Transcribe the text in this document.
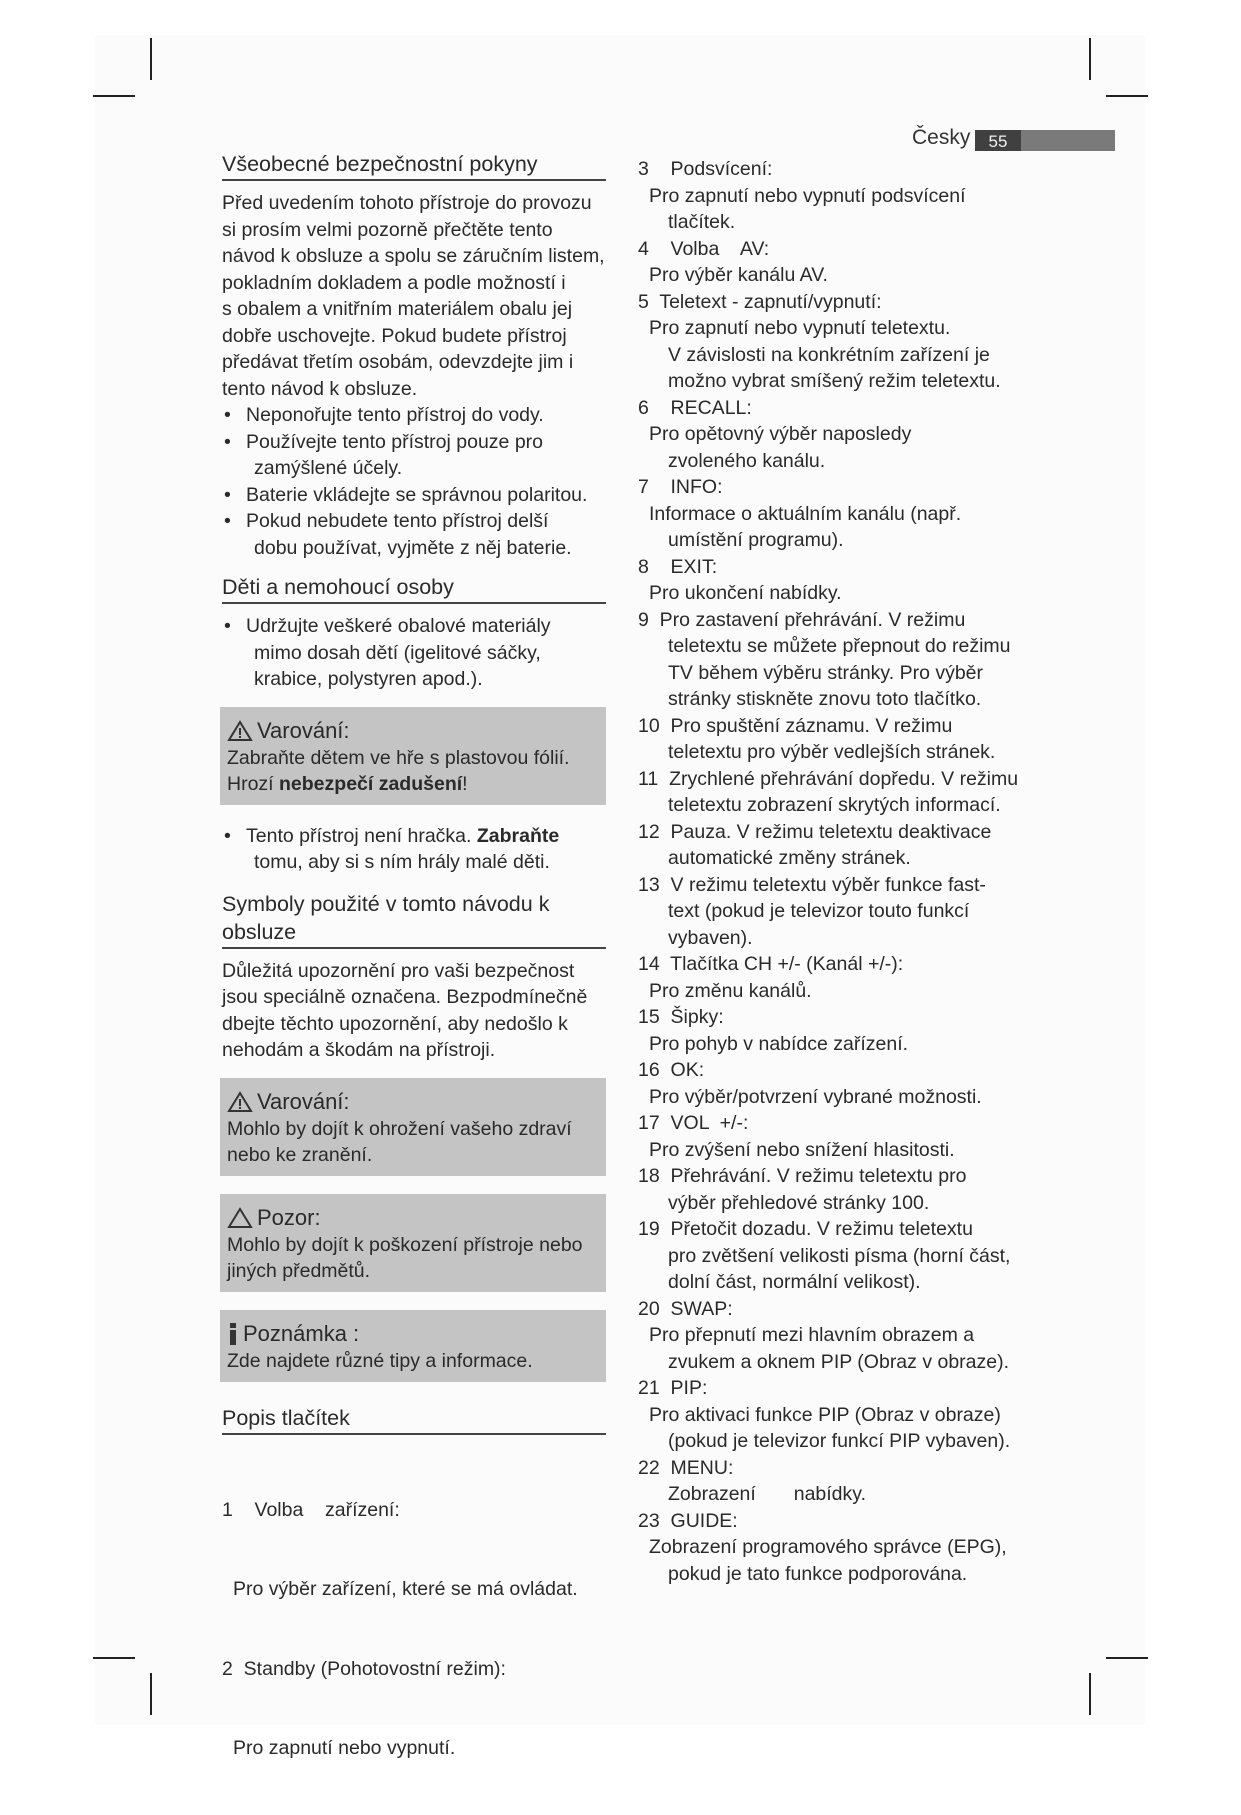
Česky	55
Všeobecné bezpečnostní pokyny

Před uvedením tohoto přístroje do provozu

si prosím velmi pozorně přečtěte tento

návod k obsluze a spolu se záručním listem,

pokladním dokladem a podle možností i

s obalem a vnitřním materiálem obalu jej

dobře uschovejte. Pokud budete přístroj

předávat třetím osobám, odevzdejte jim i

tento návod k obsluze.

• Neponořujte tento přístroj do vody.
• Používejte tento přístroj pouze pro
zamýšlené účely.
• Baterie vkládejte se správnou polaritou.
• Pokud nebudete tento přístroj delší
dobu používat, vyjměte z něj baterie.
Děti a nemohoucí osoby
• Udržujte veškeré obalové materiály
mimo dosah dětí (igelitové sáčky,
krabice, polystyren apod.).
Varování:
Zabraňte dětem ve hře s plastovou fólií.
Hrozí nebezpečí zadušení!
• Tento přístroj není hračka. Zabraňte
tomu, aby si s ním hrály malé děti.
Symboly použité v tomto návodu k
obsluze

Důležitá upozornění pro vaši bezpečnost

jsou speciálně označena. Bezpodmínečně

dbejte těchto upozornění, aby nedošlo k

nehodám a škodám na přístroji.

Varování:
Mohlo by dojít k ohrožení vašeho zdraví
nebo ke zranění.
Pozor:
Mohlo by dojít k poškození přístroje nebo
jiných předmětů.
Poznámka :
Zde najdete různé tipy a informace.
Popis tlačítek

1    Volba    zařízení:

Pro výběr zařízení, které se má ovládat.

2  Standby (Pohotovostní režim):

Pro zapnutí nebo vypnutí.

3    Podsvícení:
Pro zapnutí nebo vypnutí podsvícení
tlačítek.
4    Volba    AV:
Pro výběr kanálu AV.
5  Teletext - zapnutí/vypnutí:
Pro zapnutí nebo vypnutí teletextu.
V závislosti na konkrétním zařízení je
možno vybrat smíšený režim teletextu.
6    RECALL:
Pro opětovný výběr naposledy
zvoleného kanálu.
7    INFO:
Informace o aktuálním kanálu (např.
umístění programu).
8    EXIT:
Pro ukončení nabídky.
9  Pro zastavení přehrávání. V režimu
teletextu se můžete přepnout do režimu
TV během výběru stránky. Pro výběr
stránky stiskněte znovu toto tlačítko.
10  Pro spuštění záznamu. V režimu
teletextu pro výběr vedlejších stránek.
11  Zrychlené přehrávání dopředu. V režimu
teletextu zobrazení skrytých informací.
12  Pauza. V režimu teletextu deaktivace
automatické změny stránek.
13  V režimu teletextu výběr funkce fast-
text (pokud je televizor touto funkcí
vybaven).
14  Tlačítka CH +/- (Kanál +/-):
Pro změnu kanálů.
15  Šipky:
Pro pohyb v nabídce zařízení.
16  OK:
Pro výběr/potvrzení vybrané možnosti.
17  VOL  +/-:
Pro zvýšení nebo snížení hlasitosti.
18  Přehrávání. V režimu teletextu pro
výběr přehledové stránky 100.
19  Přetočit dozadu. V režimu teletextu
pro zvětšení velikosti písma (horní část,
dolní část, normální velikost).
20  SWAP:
Pro přepnutí mezi hlavním obrazem a
zvukem a oknem PIP (Obraz v obraze).
21  PIP:
Pro aktivaci funkce PIP (Obraz v obraze)
(pokud je televizor funkcí PIP vybaven).
22  MENU:
Zobrazení       nabídky.
23  GUIDE:
Zobrazení programového správce (EPG),
pokud je tato funkce podporována.
